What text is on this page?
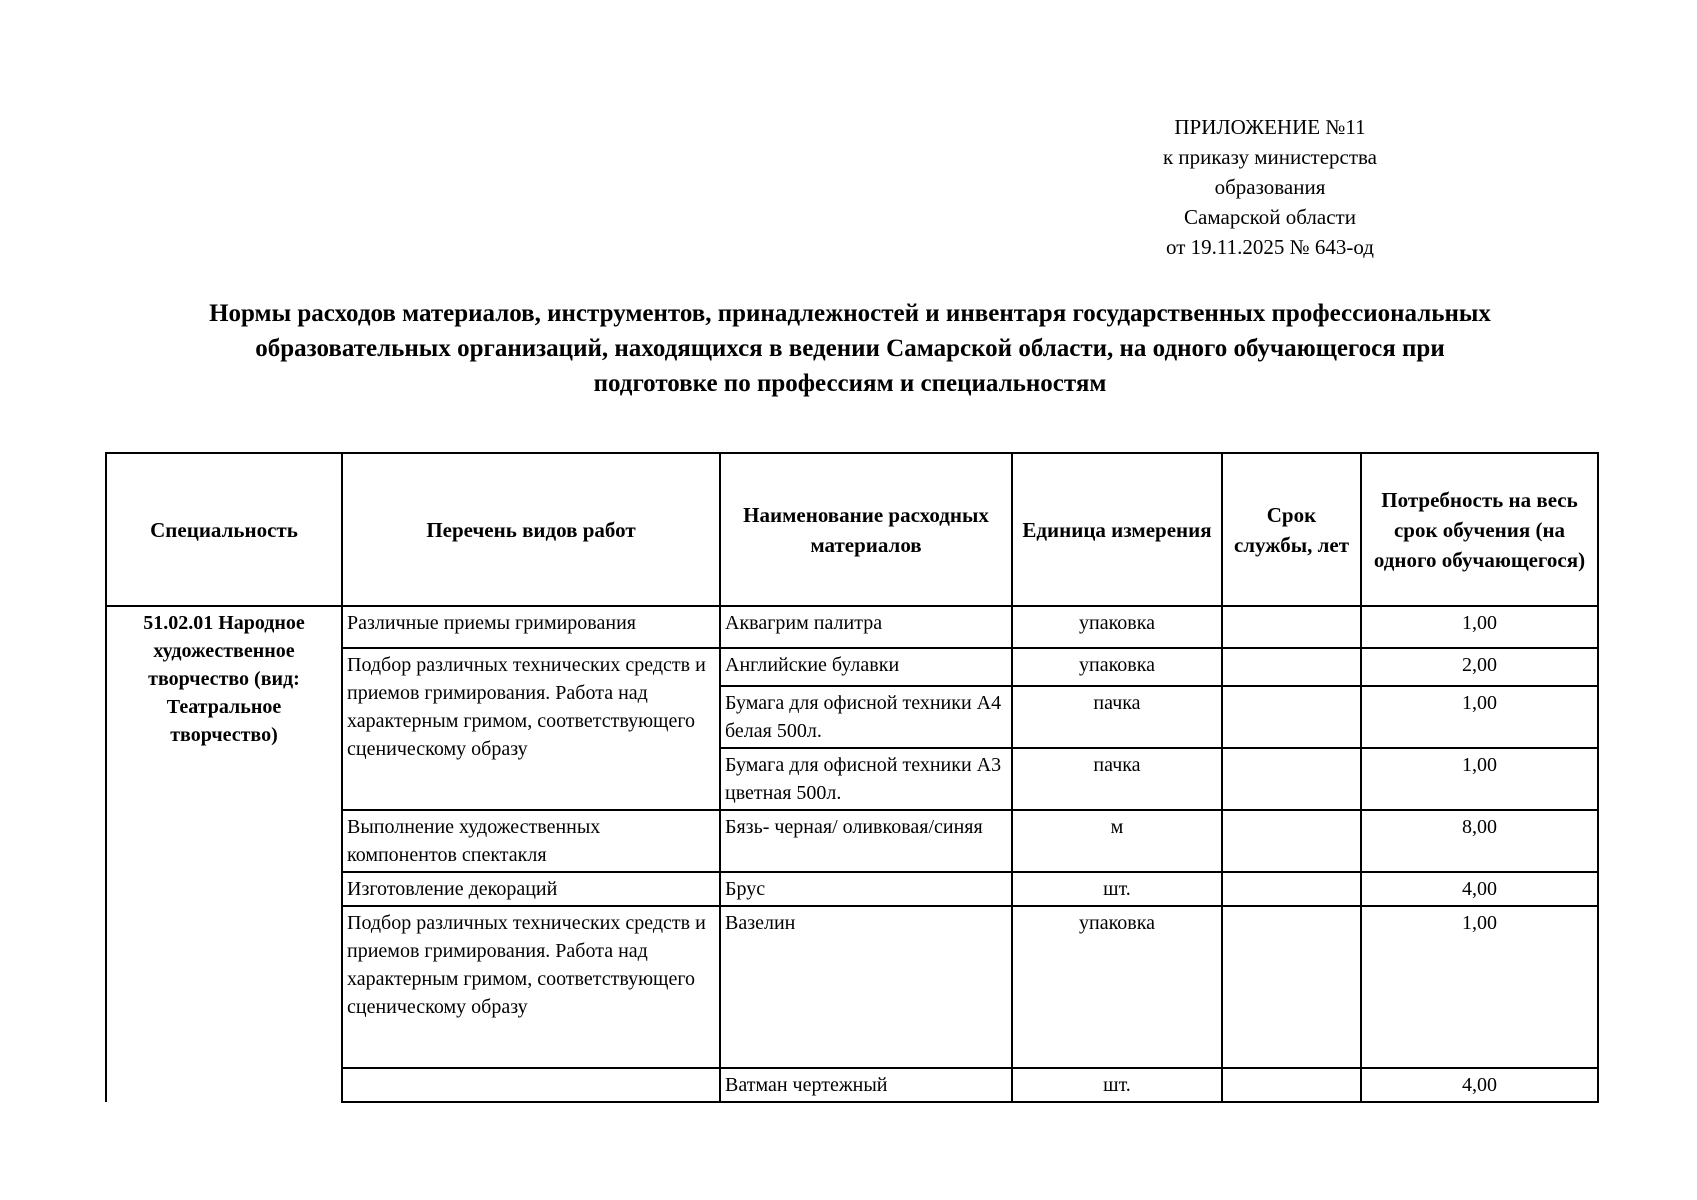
ПРИЛОЖЕНИЕ №11
к приказу министерства
образования
Самарской области
от 19.11.2025 № 643-од
Нормы расходов материалов, инструментов, принадлежностей и инвентаря государственных профессиональных
образовательных организаций, находящихся в ведении Самарской области, на одного обучающегося при
подготовке по профессиям и специальностям
Специальность	Перечень видов работ	Наименование расходных материалов	Единица измерения	Срок службы, лет	Потребность на весь срок обучения (на одного обучающегося)
51.02.01 Народное художественное творчество (вид: Театральное творчество)	Различные приемы гримирования	Аквагрим палитра	упаковка		1,00
	Подбор различных технических средств и приемов гримирования. Работа над характерным гримом, соответствующего сценическому образу	Английские булавки	упаковка		2,00
		Бумага для офисной техники А4 белая 500л.	пачка		1,00
		Бумага для офисной техники А3 цветная 500л.	пачка		1,00
	Выполнение художественных компонентов спектакля	Бязь- черная/ оливковая/синяя	м		8,00
	Изготовление декораций	Брус	шт.		4,00
	Подбор различных технических средств и приемов гримирования. Работа над характерным гримом, соответствующего сценическому образу	Вазелин	упаковка		1,00
		Ватман чертежный	шт.		4,00
